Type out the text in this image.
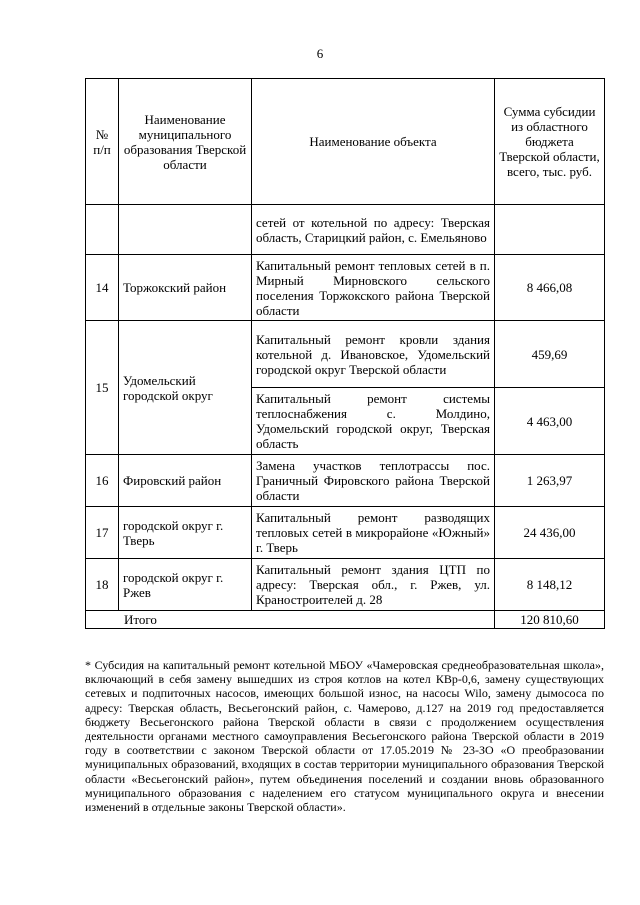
6
№ п/п	Наименование муниципального образования Тверской области	Наименование объекта	Сумма субсидии из областного бюджета Тверской области, всего, тыс. руб.
		сетей от котельной по адресу: Тверская область, Старицкий район, с. Емельяново	
14	Торжокский район	Капитальный ремонт тепловых сетей в п. Мирный Мирновского сельского поселения Торжокского района Тверской области	8 466,08
15	Удомельский городской округ	Капитальный ремонт кровли здания котельной д. Ивановское, Удомельский городской округ Тверской области	459,69
		Капитальный ремонт системы теплоснабжения с. Молдино, Удомельский городской округ, Тверская область	4 463,00
16	Фировский район	Замена участков теплотрассы пос. Граничный Фировского района Тверской области	1 263,97
17	городской округ г. Тверь	Капитальный ремонт разводящих тепловых сетей в микрорайоне «Южный» г. Тверь	24 436,00
18	городской округ г. Ржев	Капитальный ремонт здания ЦТП по адресу: Тверская обл., г. Ржев, ул. Краностроителей д. 28	8 148,12
Итого			120 810,60

* Субсидия на капитальный ремонт котельной МБОУ «Чамеровская среднеобразовательная школа», включающий в себя замену вышедших из строя котлов на котел КВр-0,6, замену существующих сетевых и подпиточных насосов, имеющих большой износ, на насосы Wilo, замену дымососа по адресу: Тверская область, Весьегонский район, с. Чамерово, д.127 на 2019 год предоставляется бюджету Весьегонского района Тверской области в связи с продолжением осуществления деятельности органами местного самоуправления Весьегонского района Тверской области в 2019 году в соответствии с законом Тверской области от 17.05.2019 № 23-ЗО «О преобразовании муниципальных образований, входящих в состав территории муниципального образования Тверской области «Весьегонский район», путем объединения поселений и создании вновь образованного муниципального образования с наделением его статусом муниципального округа и внесении изменений в отдельные законы Тверской области».
